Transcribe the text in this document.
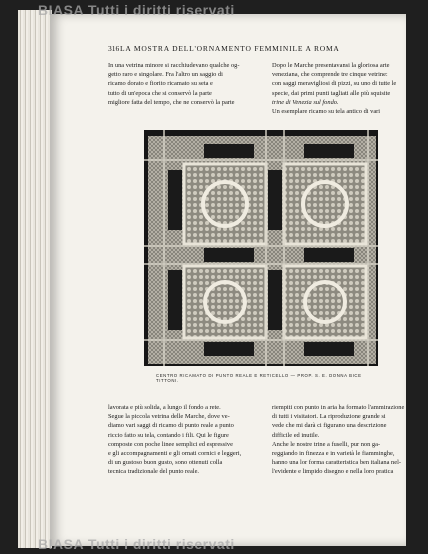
BIASA Tutti i diritti riservati
BIASA Tutti i diritti riservati
316 LA MOSTRA DELL'ORNAMENTO FEMMINILE A ROMA

In una vetrina minore si racchiudevano qualche og-

getto raro e singolare. Fra l'altro un saggio di

ricamo dorato e fiorito ricamato su seta e

tutto di un'epoca che si conservò la parte

migliore fatta del tempo, che ne conservò la parte

Dopo le Marche presentavansi la gloriosa arte

veneziana, che comprende tre cinque vetrine:

con saggi meravigliosi di pizzi, su uno di tutte le

specie, dai primi punti tagliati alle più squisite

trine di Venezia sul fondo.

Un esemplare ricamo su tela antico di vari

CENTRO RICAMATO DI PUNTO REALE E RETICELLO — PROP. S. E. DONNA BICE TITTONI.

lavorata e più solida, a lungo il fondo a rete.

Segue la piccola vetrina delle Marche, dove ve-

diamo vari saggi di ricamo di punto reale a punto

riccio fatto su tela, contando i fili. Qui le figure

composte con poche linee semplici ed espressive

e gli accompagnamenti e gli ornati cornici e leggeri,

di un gustoso buon gusto, sono ottenuti colla

tecnica tradizionale del punto reale.

riempiti con punto in aria ha formato l'ammirazione

di tutti i visitatori. La riproduzione grande si

vede che mi darà ci figurano una descrizione

difficile ed inutile.

Anche le nostre trine a fuselli, pur non ga-

reggiando in finezza e in varietà le fiamminghe,

hanno una lor forma caratteristica ben italiana nel-

l'evidente e limpido disegno e nella loro pratica
